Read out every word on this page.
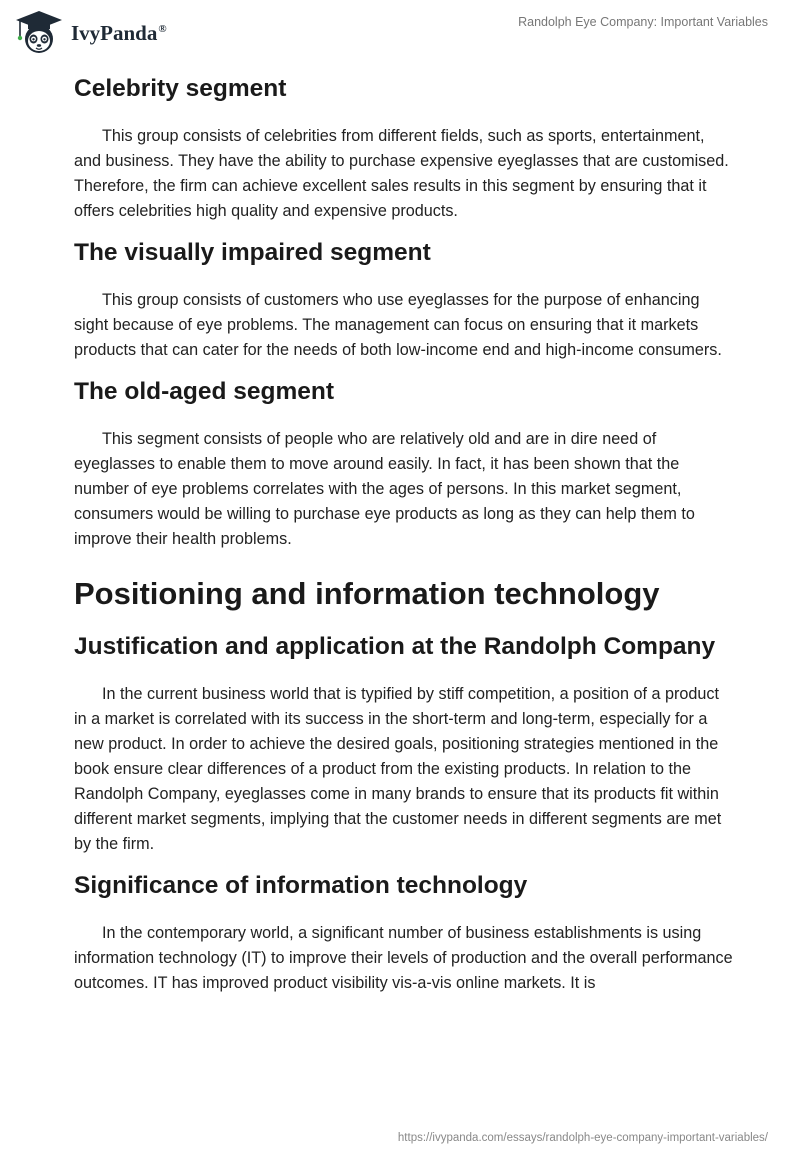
IvyPanda®	Randolph Eye Company: Important Variables
Celebrity segment

This group consists of celebrities from different fields, such as sports, entertainment, and business. They have the ability to purchase expensive eyeglasses that are customised. Therefore, the firm can achieve excellent sales results in this segment by ensuring that it offers celebrities high quality and expensive products.

The visually impaired segment

This group consists of customers who use eyeglasses for the purpose of enhancing sight because of eye problems. The management can focus on ensuring that it markets products that can cater for the needs of both low-income end and high-income consumers.

The old-aged segment

This segment consists of people who are relatively old and are in dire need of eyeglasses to enable them to move around easily. In fact, it has been shown that the number of eye problems correlates with the ages of persons. In this market segment, consumers would be willing to purchase eye products as long as they can help them to improve their health problems.

Positioning and information technology
Justification and application at the Randolph Company

In the current business world that is typified by stiff competition, a position of a product in a market is correlated with its success in the short-term and long-term, especially for a new product. In order to achieve the desired goals, positioning strategies mentioned in the book ensure clear differences of a product from the existing products. In relation to the Randolph Company, eyeglasses come in many brands to ensure that its products fit within different market segments, implying that the customer needs in different segments are met by the firm.

Significance of information technology

In the contemporary world, a significant number of business establishments is using information technology (IT) to improve their levels of production and the overall performance outcomes. IT has improved product visibility vis-a-vis online markets. It is

https://ivypanda.com/essays/randolph-eye-company-important-variables/
